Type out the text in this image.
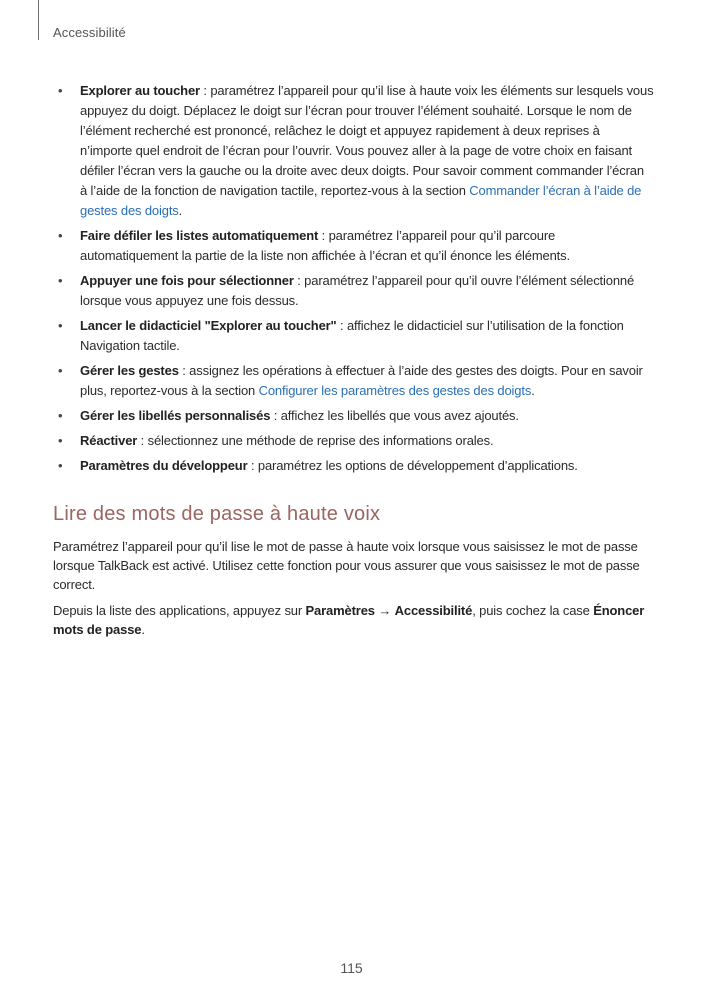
Accessibilité
• Explorer au toucher : paramétrez l’appareil pour qu’il lise à haute voix les éléments sur lesquels vous appuyez du doigt. Déplacez le doigt sur l’écran pour trouver l’élément souhaité. Lorsque le nom de l’élément recherché est prononcé, relâchez le doigt et appuyez rapidement à deux reprises à n’importe quel endroit de l’écran pour l’ouvrir. Vous pouvez aller à la page de votre choix en faisant défiler l’écran vers la gauche ou la droite avec deux doigts. Pour savoir comment commander l’écran à l’aide de la fonction de navigation tactile, reportez-vous à la section Commander l’écran à l’aide de gestes des doigts.
• Faire défiler les listes automatiquement : paramétrez l’appareil pour qu’il parcoure automatiquement la partie de la liste non affichée à l’écran et qu’il énonce les éléments.
• Appuyer une fois pour sélectionner : paramétrez l’appareil pour qu’il ouvre l’élément sélectionné lorsque vous appuyez une fois dessus.
• Lancer le didacticiel "Explorer au toucher" : affichez le didacticiel sur l’utilisation de la fonction Navigation tactile.
• Gérer les gestes : assignez les opérations à effectuer à l’aide des gestes des doigts. Pour en savoir plus, reportez-vous à la section Configurer les paramètres des gestes des doigts.
• Gérer les libellés personnalisés : affichez les libellés que vous avez ajoutés.
• Réactiver : sélectionnez une méthode de reprise des informations orales.
• Paramètres du développeur : paramétrez les options de développement d’applications.
Lire des mots de passe à haute voix

Paramétrez l’appareil pour qu’il lise le mot de passe à haute voix lorsque vous saisissez le mot de passe lorsque TalkBack est activé. Utilisez cette fonction pour vous assurer que vous saisissez le mot de passe correct.

Depuis la liste des applications, appuyez sur Paramètres → Accessibilité, puis cochez la case Énoncer mots de passe.

115
